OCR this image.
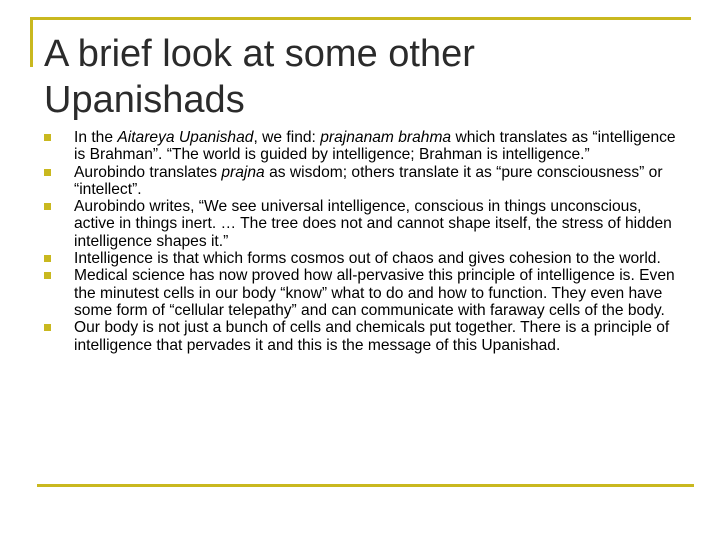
A brief look at some other Upanishads
In the Aitareya Upanishad, we find: prajnanam brahma which translates as “intelligence is Brahman”. “The world is guided by intelligence; Brahman is intelligence.”
Aurobindo translates prajna as wisdom; others translate it as “pure consciousness” or “intellect”.
Aurobindo writes, “We see universal intelligence, conscious in things unconscious, active in things inert. … The tree does not and cannot shape itself, the stress of hidden intelligence shapes it.”
Intelligence is that which forms cosmos out of chaos and gives cohesion to the world.
Medical science has now proved how all-pervasive this principle of intelligence is. Even the minutest cells in our body “know” what to do and how to function. They even have some form of “cellular telepathy” and can communicate with faraway cells of the body.
Our body is not just a bunch of cells and chemicals put together. There is a principle of intelligence that pervades it and this is the message of this Upanishad.
